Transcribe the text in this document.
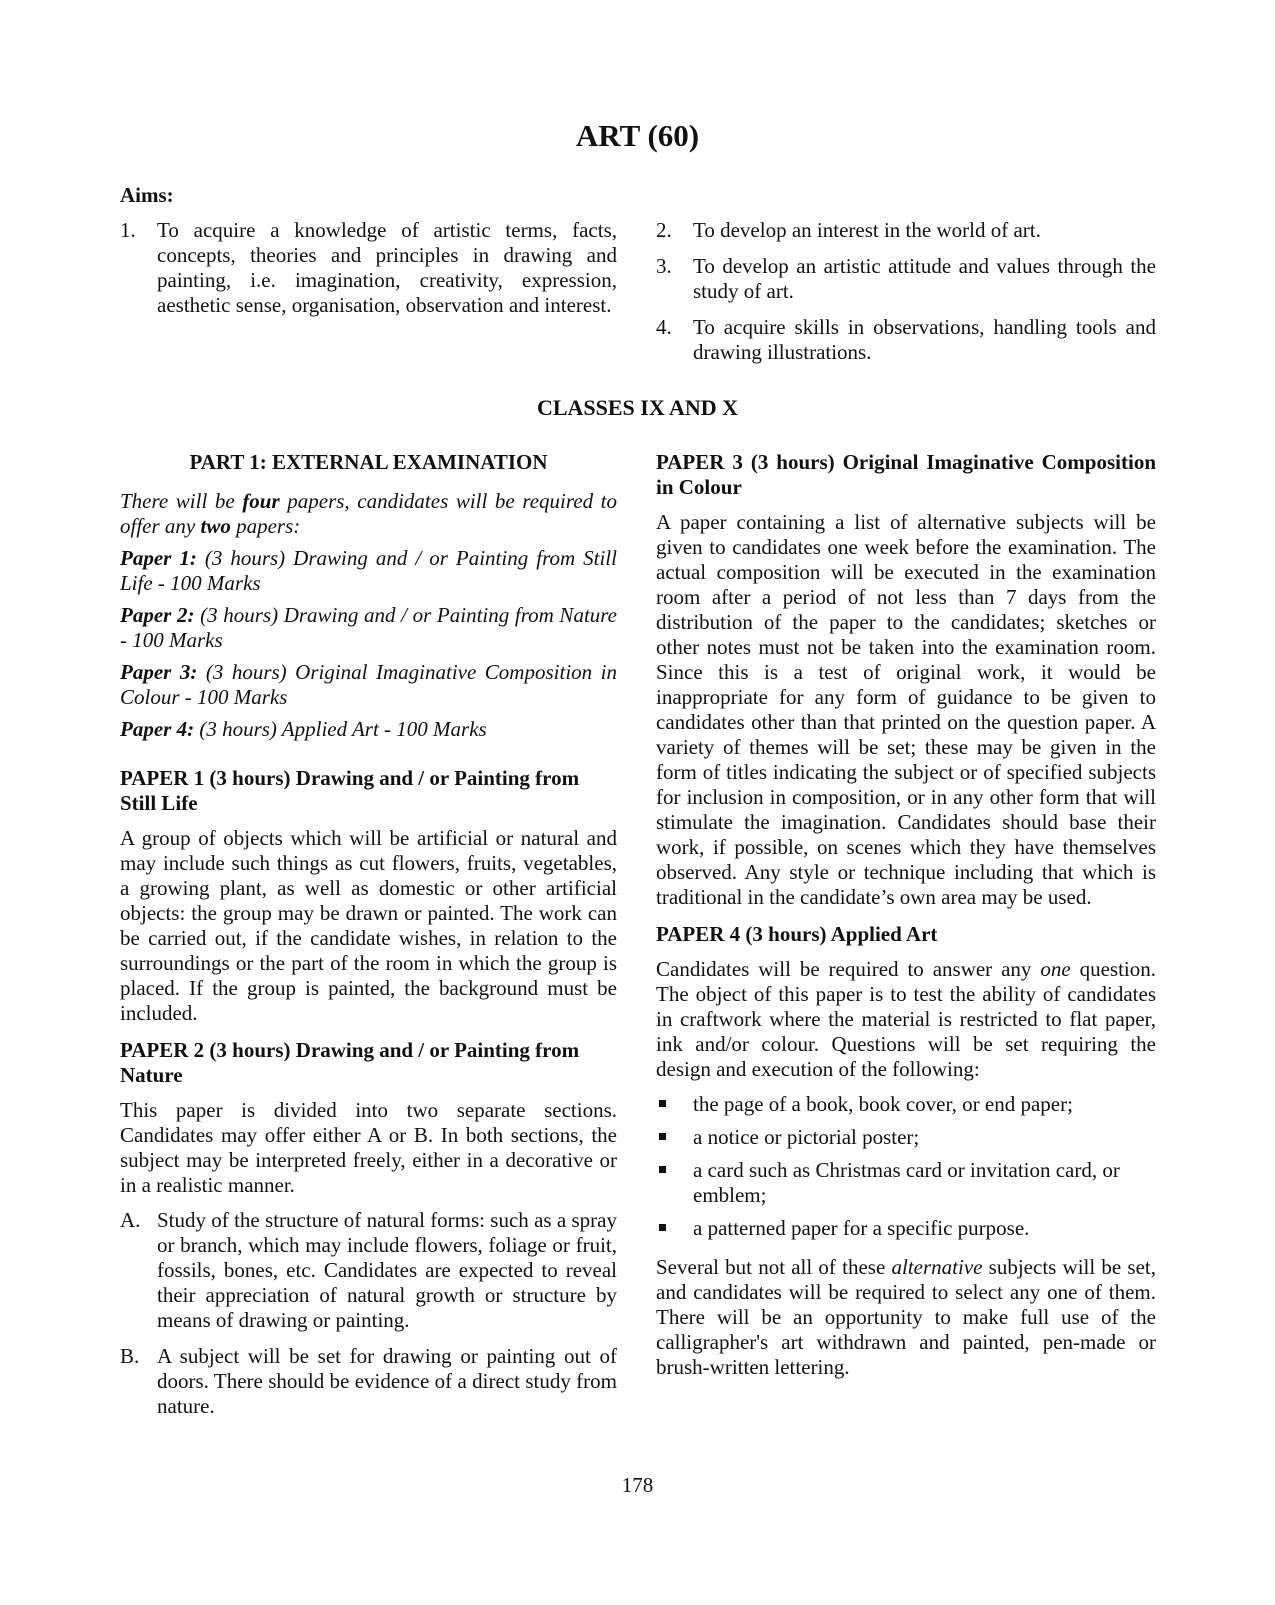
ART (60)
Aims:
1. To acquire a knowledge of artistic terms, facts, concepts, theories and principles in drawing and painting, i.e. imagination, creativity, expression, aesthetic sense, organisation, observation and interest.
2. To develop an interest in the world of art.
3. To develop an artistic attitude and values through the study of art.
4. To acquire skills in observations, handling tools and drawing illustrations.
CLASSES IX AND X

PART 1: EXTERNAL EXAMINATION

There will be four papers, candidates will be required to offer any two papers:

Paper 1: (3 hours) Drawing and / or Painting from Still Life - 100 Marks

Paper 2: (3 hours) Drawing and / or Painting from Nature - 100 Marks

Paper 3: (3 hours) Original Imaginative Composition in Colour - 100 Marks

Paper 4: (3 hours) Applied Art - 100 Marks

PAPER 1 (3 hours) Drawing and / or Painting from Still Life

A group of objects which will be artificial or natural and may include such things as cut flowers, fruits, vegetables, a growing plant, as well as domestic or other artificial objects: the group may be drawn or painted. The work can be carried out, if the candidate wishes, in relation to the surroundings or the part of the room in which the group is placed. If the group is painted, the background must be included.

PAPER 2 (3 hours) Drawing and / or Painting from Nature

This paper is divided into two separate sections. Candidates may offer either A or B. In both sections, the subject may be interpreted freely, either in a decorative or in a realistic manner.

A. Study of the structure of natural forms: such as a spray or branch, which may include flowers, foliage or fruit, fossils, bones, etc. Candidates are expected to reveal their appreciation of natural growth or structure by means of drawing or painting.
B. A subject will be set for drawing or painting out of doors. There should be evidence of a direct study from nature.

PAPER 3 (3 hours) Original Imaginative Composition in Colour

A paper containing a list of alternative subjects will be given to candidates one week before the examination. The actual composition will be executed in the examination room after a period of not less than 7 days from the distribution of the paper to the candidates; sketches or other notes must not be taken into the examination room. Since this is a test of original work, it would be inappropriate for any form of guidance to be given to candidates other than that printed on the question paper. A variety of themes will be set; these may be given in the form of titles indicating the subject or of specified subjects for inclusion in composition, or in any other form that will stimulate the imagination. Candidates should base their work, if possible, on scenes which they have themselves observed. Any style or technique including that which is traditional in the candidate’s own area may be used.

PAPER 4 (3 hours) Applied Art

Candidates will be required to answer any one question. The object of this paper is to test the ability of candidates in craftwork where the material is restricted to flat paper, ink and/or colour. Questions will be set requiring the design and execution of the following:

the page of a book, book cover, or end paper;
a notice or pictorial poster;
a card such as Christmas card or invitation card, or emblem;
a patterned paper for a specific purpose.

Several but not all of these alternative subjects will be set, and candidates will be required to select any one of them. There will be an opportunity to make full use of the calligrapher's art withdrawn and painted, pen-made or brush-written lettering.

178
